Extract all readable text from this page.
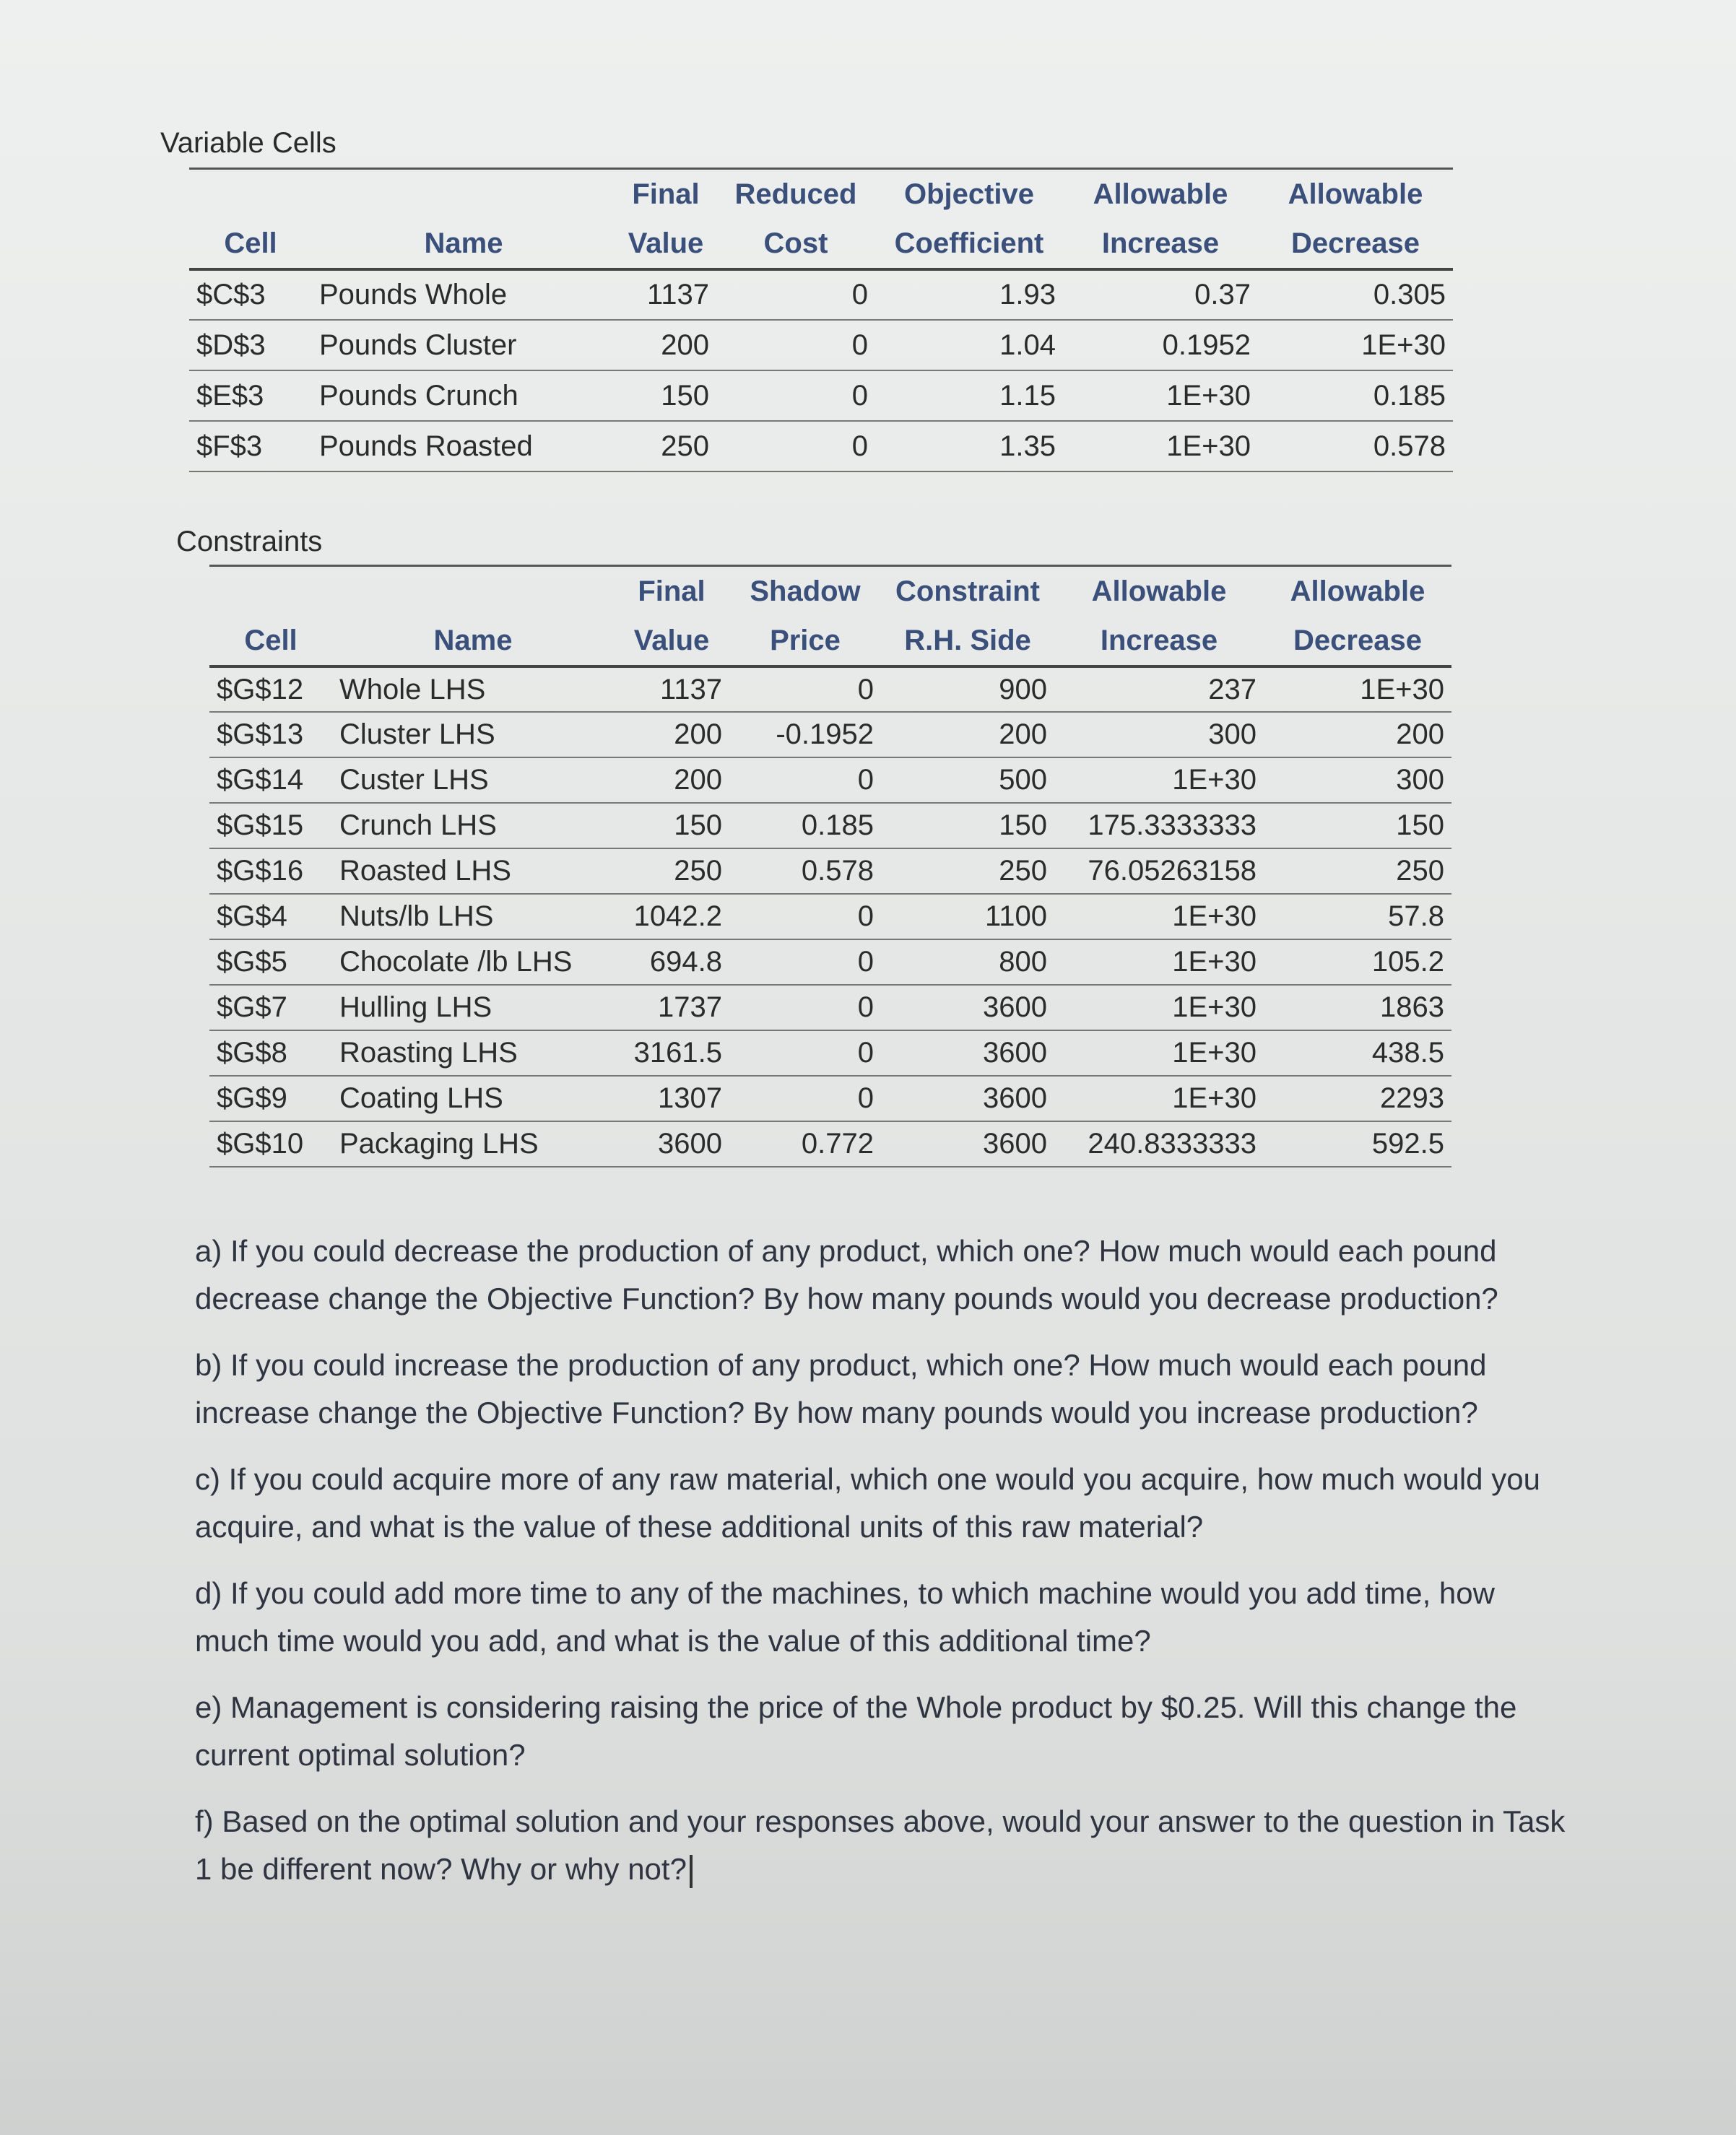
Variable Cells
		Final	Reduced	Objective	Allowable	Allowable
Cell	Name	Value	Cost	Coefficient	Increase	Decrease
$C$3	Pounds Whole	1137	0	1.93	0.37	0.305
$D$3	Pounds Cluster	200	0	1.04	0.1952	1E+30
$E$3	Pounds Crunch	150	0	1.15	1E+30	0.185
$F$3	Pounds Roasted	250	0	1.35	1E+30	0.578
Constraints
		Final	Shadow	Constraint	Allowable	Allowable
Cell	Name	Value	Price	R.H. Side	Increase	Decrease
$G$12	Whole LHS	1137	0	900	237	1E+30
$G$13	Cluster LHS	200	-0.1952	200	300	200
$G$14	Custer LHS	200	0	500	1E+30	300
$G$15	Crunch LHS	150	0.185	150	175.3333333	150
$G$16	Roasted LHS	250	0.578	250	76.05263158	250
$G$4	Nuts/lb LHS	1042.2	0	1100	1E+30	57.8
$G$5	Chocolate /lb LHS	694.8	0	800	1E+30	105.2
$G$7	Hulling LHS	1737	0	3600	1E+30	1863
$G$8	Roasting LHS	3161.5	0	3600	1E+30	438.5
$G$9	Coating LHS	1307	0	3600	1E+30	2293
$G$10	Packaging LHS	3600	0.772	3600	240.8333333	592.5

a) If you could decrease the production of any product, which one? How much would each pound decrease change the Objective Function? By how many pounds would you decrease production?

b) If you could increase the production of any product, which one? How much would each pound increase change the Objective Function? By how many pounds would you increase production?

c) If you could acquire more of any raw material, which one would you acquire, how much would you acquire, and what is the value of these additional units of this raw material?

d) If you could add more time to any of the machines, to which machine would you add time, how much time would you add, and what is the value of this additional time?

e) Management is considering raising the price of the Whole product by $0.25. Will this change the current optimal solution?

f) Based on the optimal solution and your responses above, would your answer to the question in Task 1 be different now? Why or why not?
